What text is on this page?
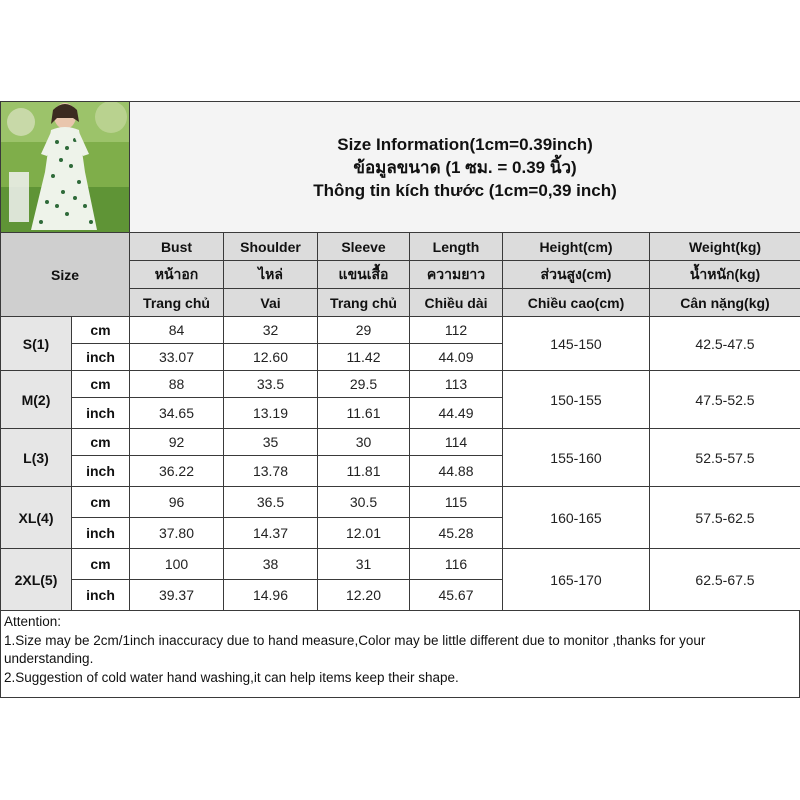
Size Information(1cm=0.39inch)
ข้อมูลขนาด (1 ซม. = 0.39 นิ้ว)
Thông tin kích thước (1cm=0,39 inch)					

Size		Bust	Shoulder	Sleeve	Length	Height(cm)	Weight(kg)
		หน้าอก	ไหล่	แขนเสื้อ	ความยาว	ส่วนสูง(cm)	น้ำหนัก(kg)
		Trang chủ	Vai	Trang chủ	Chiều dài	Chiều cao(cm)	Cân nặng(kg)
S(1)	cm	84	32	29	112	145-150	42.5-47.5
	inch	33.07	12.60	11.42	44.09		
M(2)	cm	88	33.5	29.5	113	150-155	47.5-52.5
	inch	34.65	13.19	11.61	44.49		
L(3)	cm	92	35	30	114	155-160	52.5-57.5
	inch	36.22	13.78	11.81	44.88		
XL(4)	cm	96	36.5	30.5	115	160-165	57.5-62.5
	inch	37.80	14.37	12.01	45.28		
2XL(5)	cm	100	38	31	116	165-170	62.5-67.5
	inch	39.37	14.96	12.20	45.67		
Attention:
1.Size may be 2cm/1inch inaccuracy due to hand measure,Color may be little different due to monitor ,thanks for your understanding.
2.Suggestion of cold water hand washing,it can help items keep their shape.
